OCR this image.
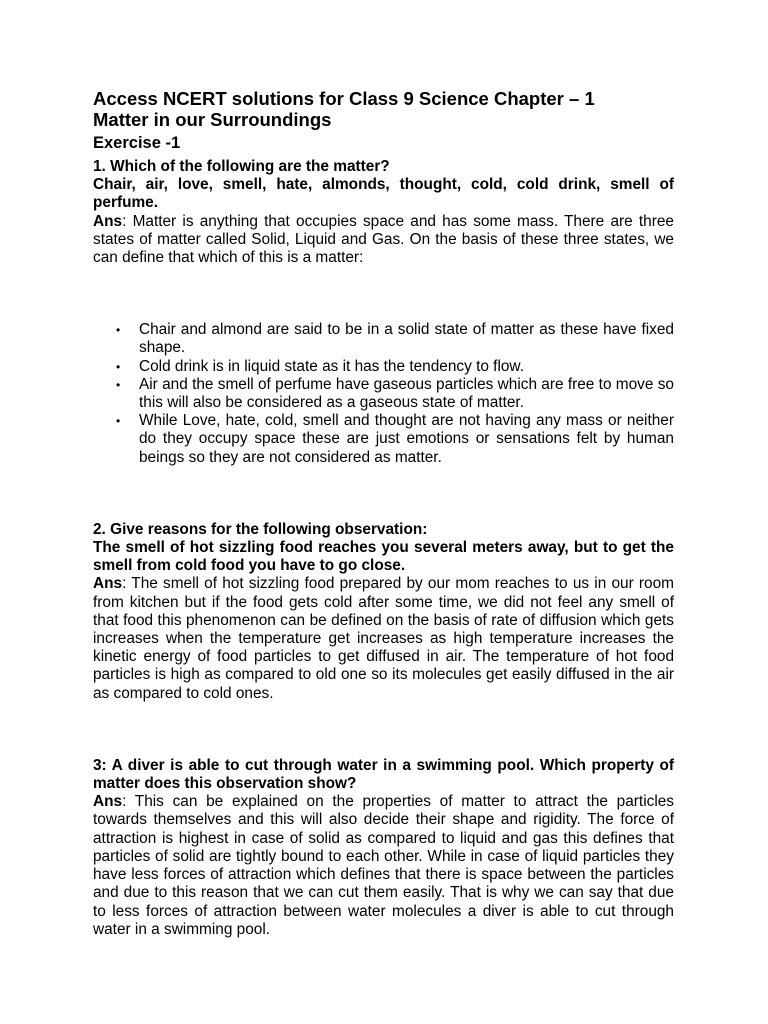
Access NCERT solutions for Class 9 Science Chapter – 1
Matter in our Surroundings
Exercise -1

1. Which of the following are the matter?

Chair, air, love, smell, hate, almonds, thought, cold, cold drink, smell of perfume.

Ans: Matter is anything that occupies space and has some mass. There are three states of matter called Solid, Liquid and Gas. On the basis of these three states, we can define that which of this is a matter:

• Chair and almond are said to be in a solid state of matter as these have fixed shape.
• Cold drink is in liquid state as it has the tendency to flow.
• Air and the smell of perfume have gaseous particles which are free to move so this will also be considered as a gaseous state of matter.
• While Love, hate, cold, smell and thought are not having any mass or neither do they occupy space these are just emotions or sensations felt by human beings so they are not considered as matter.

2. Give reasons for the following observation:

The smell of hot sizzling food reaches you several meters away, but to get the smell from cold food you have to go close.

Ans: The smell of hot sizzling food prepared by our mom reaches to us in our room from kitchen but if the food gets cold after some time, we did not feel any smell of that food this phenomenon can be defined on the basis of rate of diffusion which gets increases when the temperature get increases as high temperature increases the kinetic energy of food particles to get diffused in air. The temperature of hot food particles is high as compared to old one so its molecules get easily diffused in the air as compared to cold ones.

3: A diver is able to cut through water in a swimming pool. Which property of matter does this observation show?

Ans: This can be explained on the properties of matter to attract the particles towards themselves and this will also decide their shape and rigidity. The force of attraction is highest in case of solid as compared to liquid and gas this defines that particles of solid are tightly bound to each other. While in case of liquid particles they have less forces of attraction which defines that there is space between the particles and due to this reason that we can cut them easily. That is why we can say that due to less forces of attraction between water molecules a diver is able to cut through water in a swimming pool.
